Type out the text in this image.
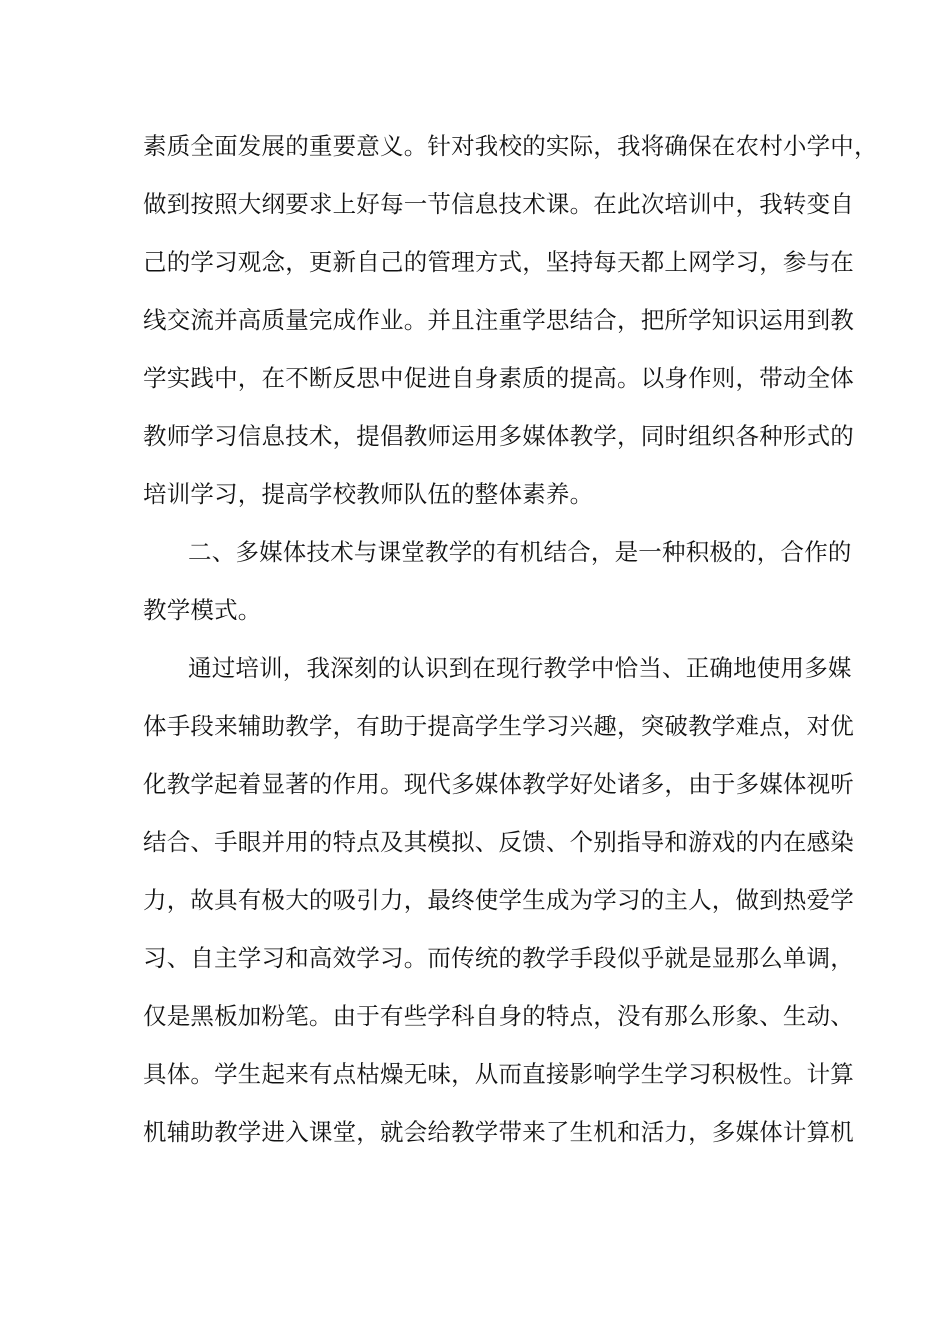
素质全面发展的重要意义。针对我校的实际，我将确保在农村小学中，
做到按照大纲要求上好每一节信息技术课。在此次培训中，我转变自
己的学习观念，更新自己的管理方式，坚持每天都上网学习，参与在
线交流并高质量完成作业。并且注重学思结合，把所学知识运用到教
学实践中，在不断反思中促进自身素质的提高。以身作则，带动全体
教师学习信息技术，提倡教师运用多媒体教学，同时组织各种形式的
培训学习，提高学校教师队伍的整体素养。
二、多媒体技术与课堂教学的有机结合，是一种积极的，合作的
教学模式。
通过培训，我深刻的认识到在现行教学中恰当、正确地使用多媒
体手段来辅助教学，有助于提高学生学习兴趣，突破教学难点，对优
化教学起着显著的作用。现代多媒体教学好处诸多，由于多媒体视听
结合、手眼并用的特点及其模拟、反馈、个别指导和游戏的内在感染
力，故具有极大的吸引力，最终使学生成为学习的主人，做到热爱学
习、自主学习和高效学习。而传统的教学手段似乎就是显那么单调，
仅是黑板加粉笔。由于有些学科自身的特点，没有那么形象、生动、
具体。学生起来有点枯燥无味，从而直接影响学生学习积极性。计算
机辅助教学进入课堂，就会给教学带来了生机和活力，多媒体计算机
